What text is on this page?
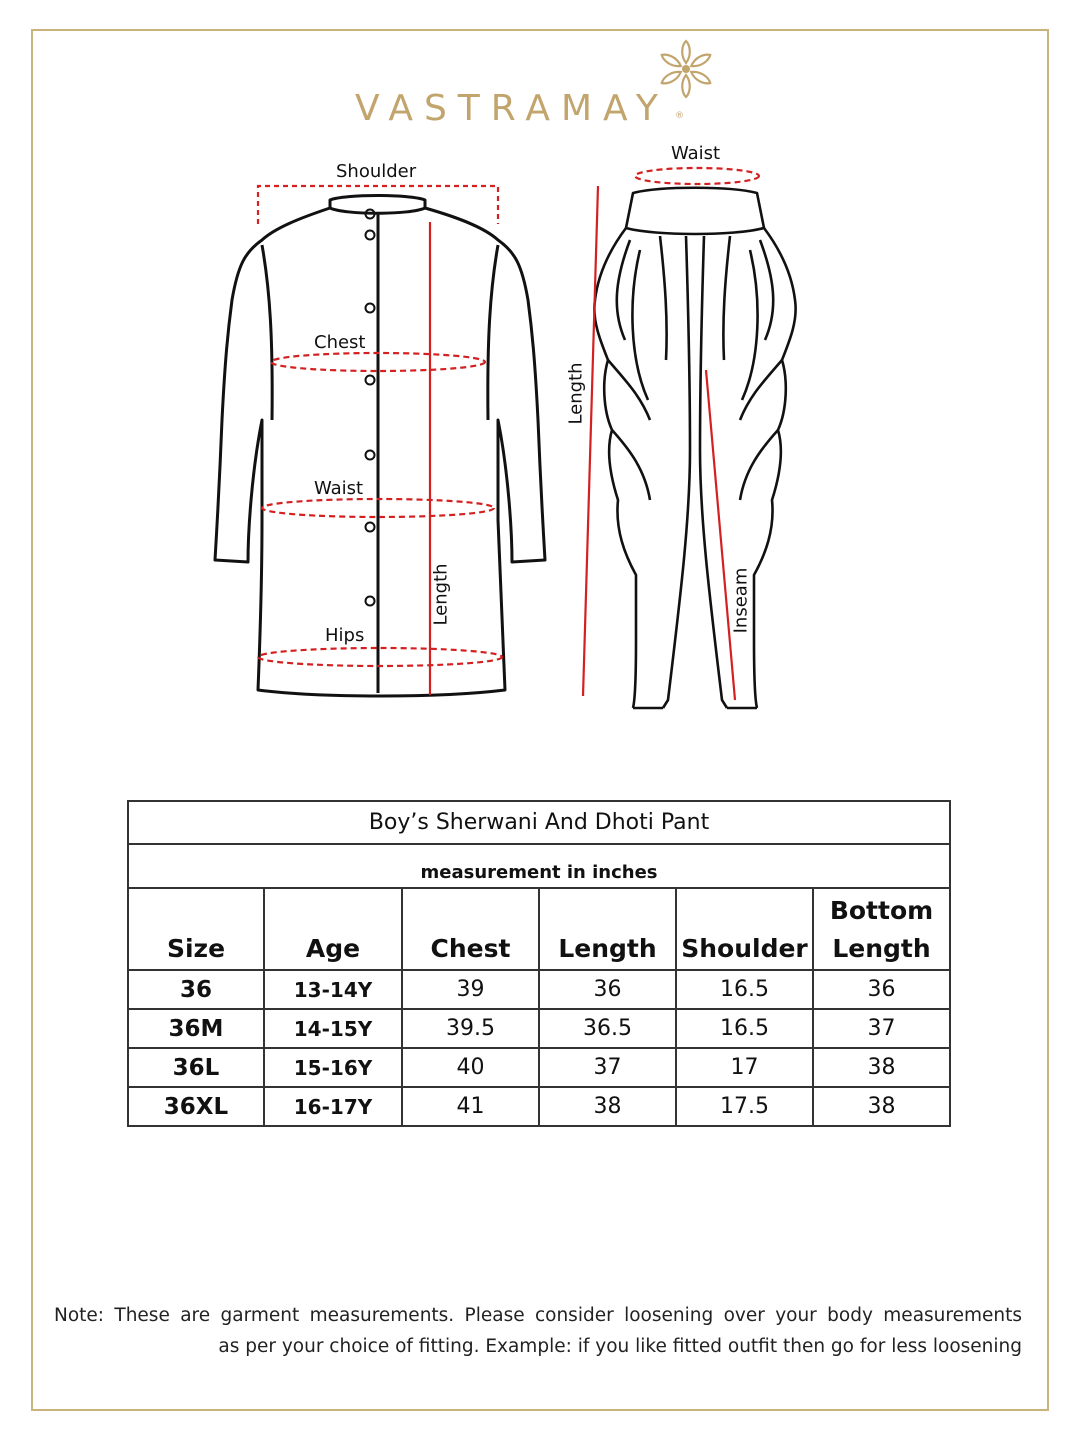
VASTRAMAY ®
Shoulder
Chest
Waist
Hips
Length
Waist
Length
Inseam
Boy’s Sherwani And Dhoti Pant					
measurement in inches					
Size	Age	Chest	Length	Shoulder	Bottom
Length
36	13-14Y	39	36	16.5	36
36M	14-15Y	39.5	36.5	16.5	37
36L	15-16Y	40	37	17	38
36XL	16-17Y	41	38	17.5	38
Note: These are garment measurements. Please consider loosening over your body measurements
as per your choice of fitting. Example: if you like fitted outfit then go for less loosening
